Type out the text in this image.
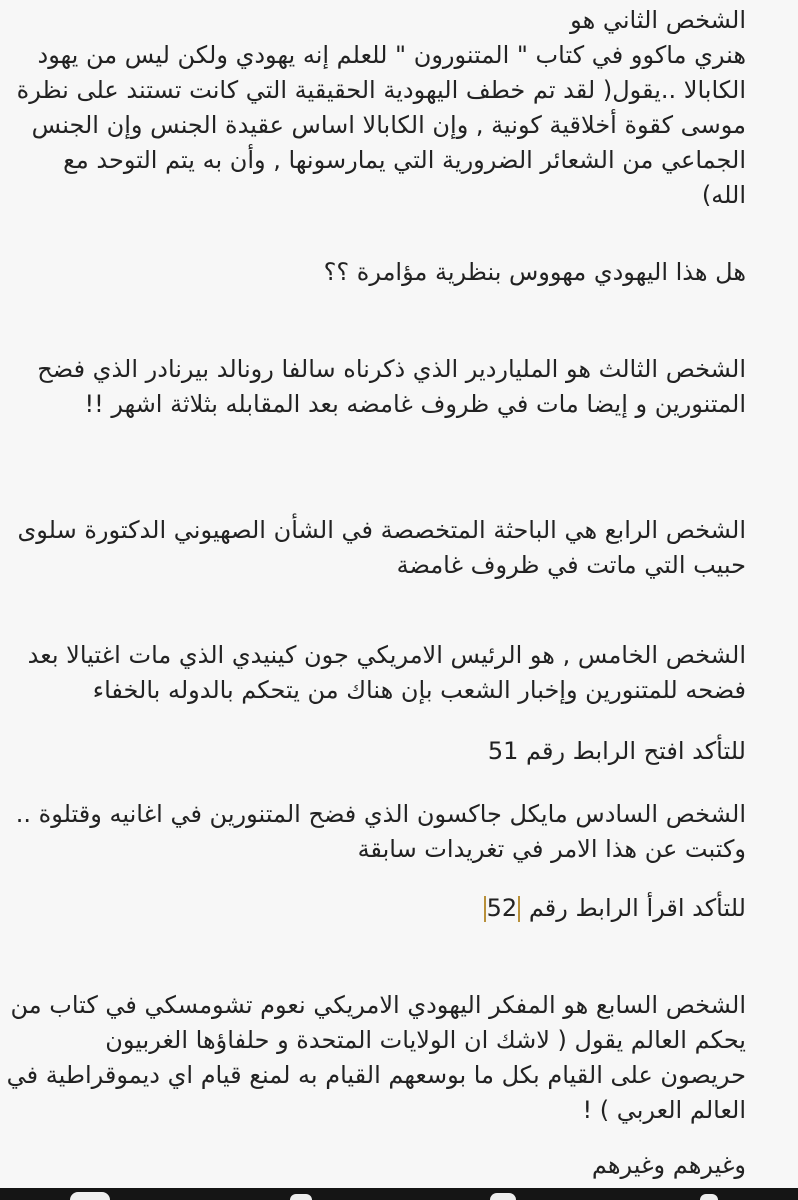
الشخص الثاني هو
هنري ماكوو في كتاب " المتنورون " للعلم إنه يهودي ولكن ليس من يهود
الكابالا ..يقول( لقد تم خطف اليهودية الحقيقية التي كانت تستند على نظرة
موسى كقوة أخلاقية كونية , وإن الكابالا اساس عقيدة الجنس وإن الجنس
الجماعي من الشعائر الضرورية التي يمارسونها , وأن به يتم التوحد مع
الله)
هل هذا اليهودي مهووس بنظرية مؤامرة ؟؟
الشخص الثالث هو الملياردير الذي ذكرناه سالفا رونالد بيرنادر الذي فضح
المتنورين و إيضا مات في ظروف غامضه بعد المقابله بثلاثة اشهر !!
الشخص الرابع هي الباحثة المتخصصة في الشأن الصهيوني الدكتورة سلوى
حبيب التي ماتت في ظروف غامضة
الشخص الخامس , هو الرئيس الامريكي جون كينيدي الذي مات اغتيالا بعد
فضحه للمتنورين وإخبار الشعب بإن هناك من يتحكم بالدوله بالخفاء
للتأكد افتح الرابط رقم 51
الشخص السادس مايكل جاكسون الذي فضح المتنورين في اغانيه وقتلوة ..
وكتبت عن هذا الامر في تغريدات سابقة
للتأكد اقرأ الرابط رقم 52
الشخص السابع هو المفكر اليهودي الامريكي نعوم تشومسكي في كتاب من
يحكم العالم يقول ( لاشك ان الولايات المتحدة و حلفاؤها الغربيون
حريصون على القيام بكل ما بوسعهم القيام به لمنع قيام اي ديموقراطية في
العالم العربي ) !
وغيرهم وغيرهم
